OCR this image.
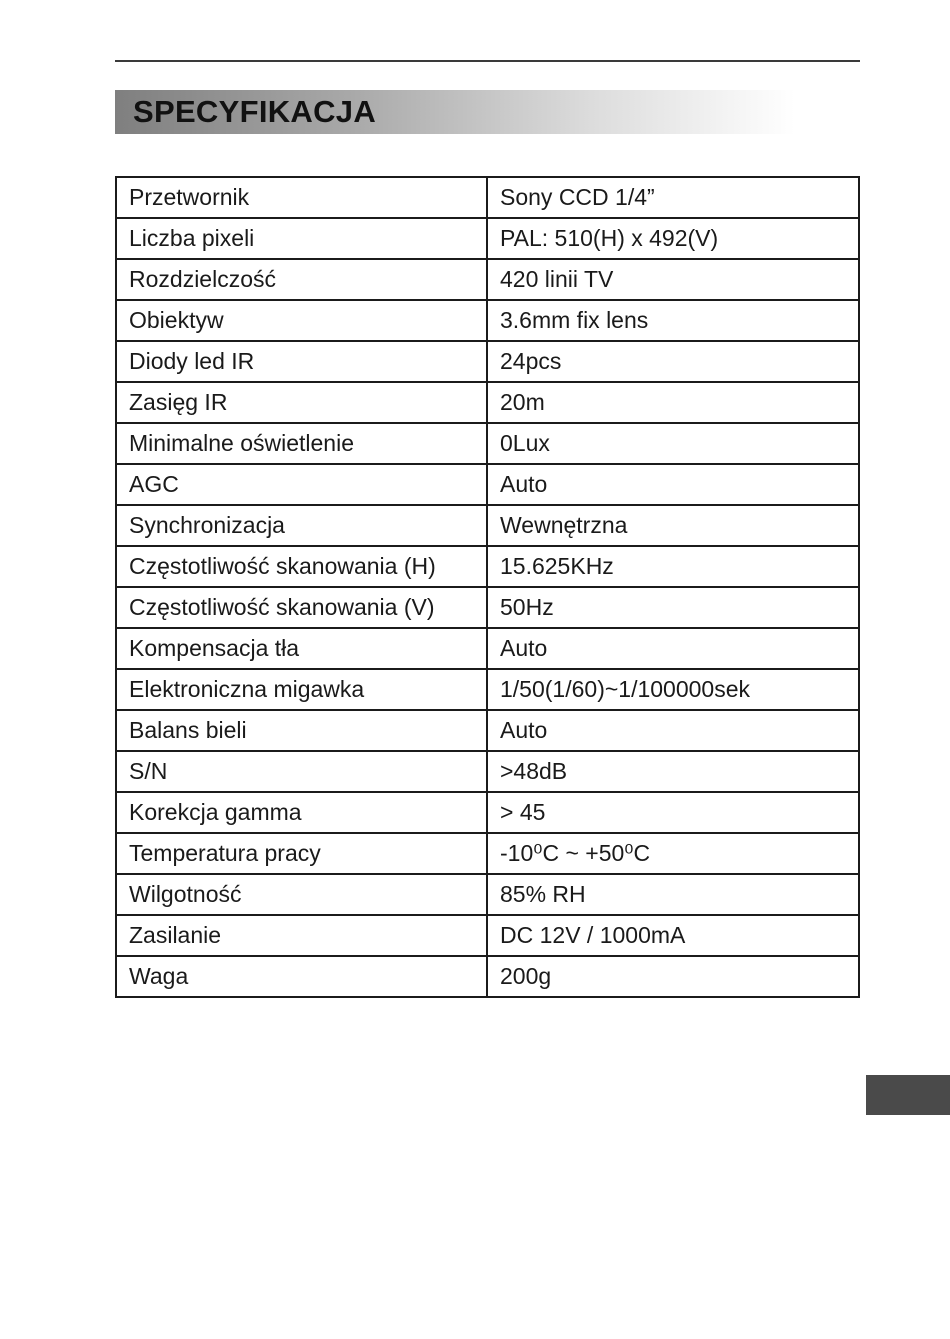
SPECYFIKACJA
Przetwornik	Sony CCD 1/4”
Liczba pixeli	PAL: 510(H) x 492(V)
Rozdzielczość	420 linii TV
Obiektyw	3.6mm fix lens
Diody led IR	24pcs
Zasięg IR	20m
Minimalne oświetlenie	0Lux
AGC	Auto
Synchronizacja	Wewnętrzna
Częstotliwość skanowania (H)	15.625KHz
Częstotliwość skanowania (V)	50Hz
Kompensacja tła	Auto
Elektroniczna migawka	1/50(1/60)~1/100000sek
Balans bieli	Auto
S/N	>48dB
Korekcja gamma	> 45
Temperatura pracy	-10⁰C ~ +50⁰C
Wilgotność	85% RH
Zasilanie	DC 12V / 1000mA
Waga	200g
